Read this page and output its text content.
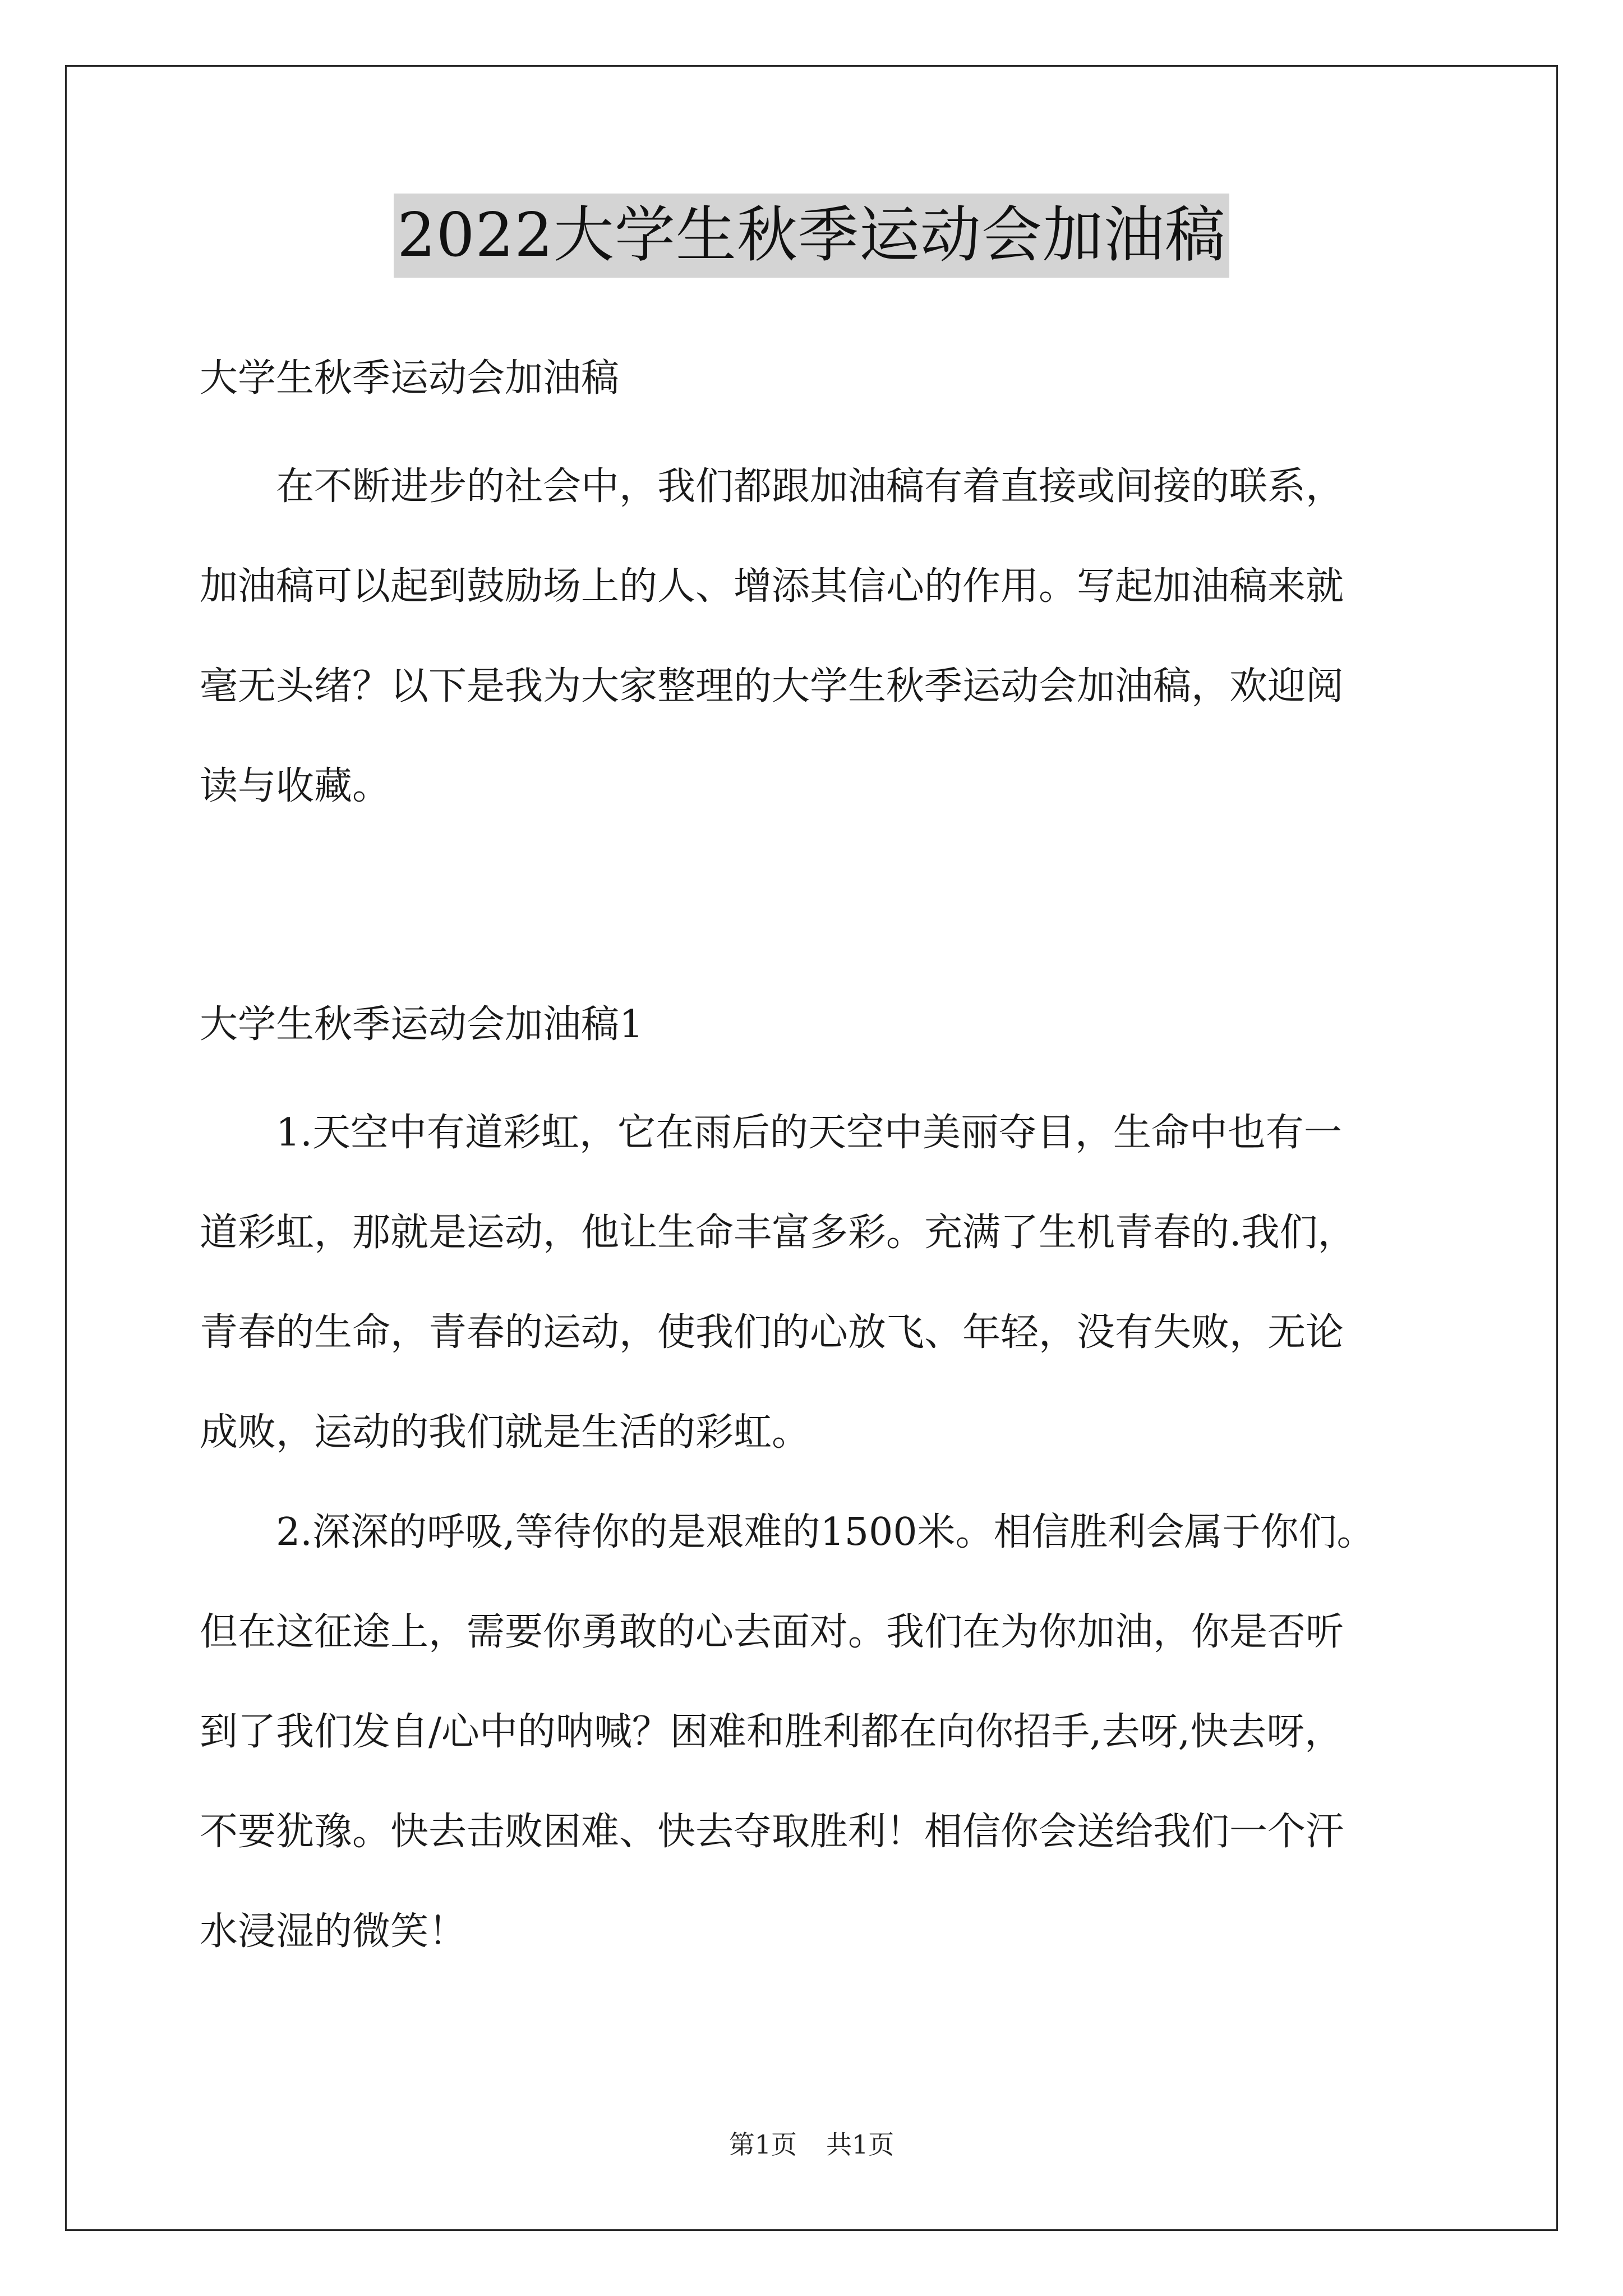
2022大学生秋季运动会加油稿

大学生秋季运动会加油稿

　　在不断进步的社会中，我们都跟加油稿有着直接或间接的联系，

加油稿可以起到鼓励场上的人、增添其信心的作用。写起加油稿来就

毫无头绪？以下是我为大家整理的大学生秋季运动会加油稿，欢迎阅

读与收藏。

大学生秋季运动会加油稿1

　　1.天空中有道彩虹，它在雨后的天空中美丽夺目，生命中也有一

道彩虹，那就是运动，他让生命丰富多彩。充满了生机青春的.我们，

青春的生命，青春的运动，使我们的心放飞、年轻，没有失败，无论

成败，运动的我们就是生活的彩虹。

　　2.深深的呼吸,等待你的是艰难的1500米。相信胜利会属于你们。

但在这征途上，需要你勇敢的心去面对。我们在为你加油，你是否听

到了我们发自/心中的呐喊？困难和胜利都在向你招手,去呀,快去呀，

不要犹豫。快去击败困难、快去夺取胜利！相信你会送给我们一个汗

水浸湿的微笑！

第1页 共1页
